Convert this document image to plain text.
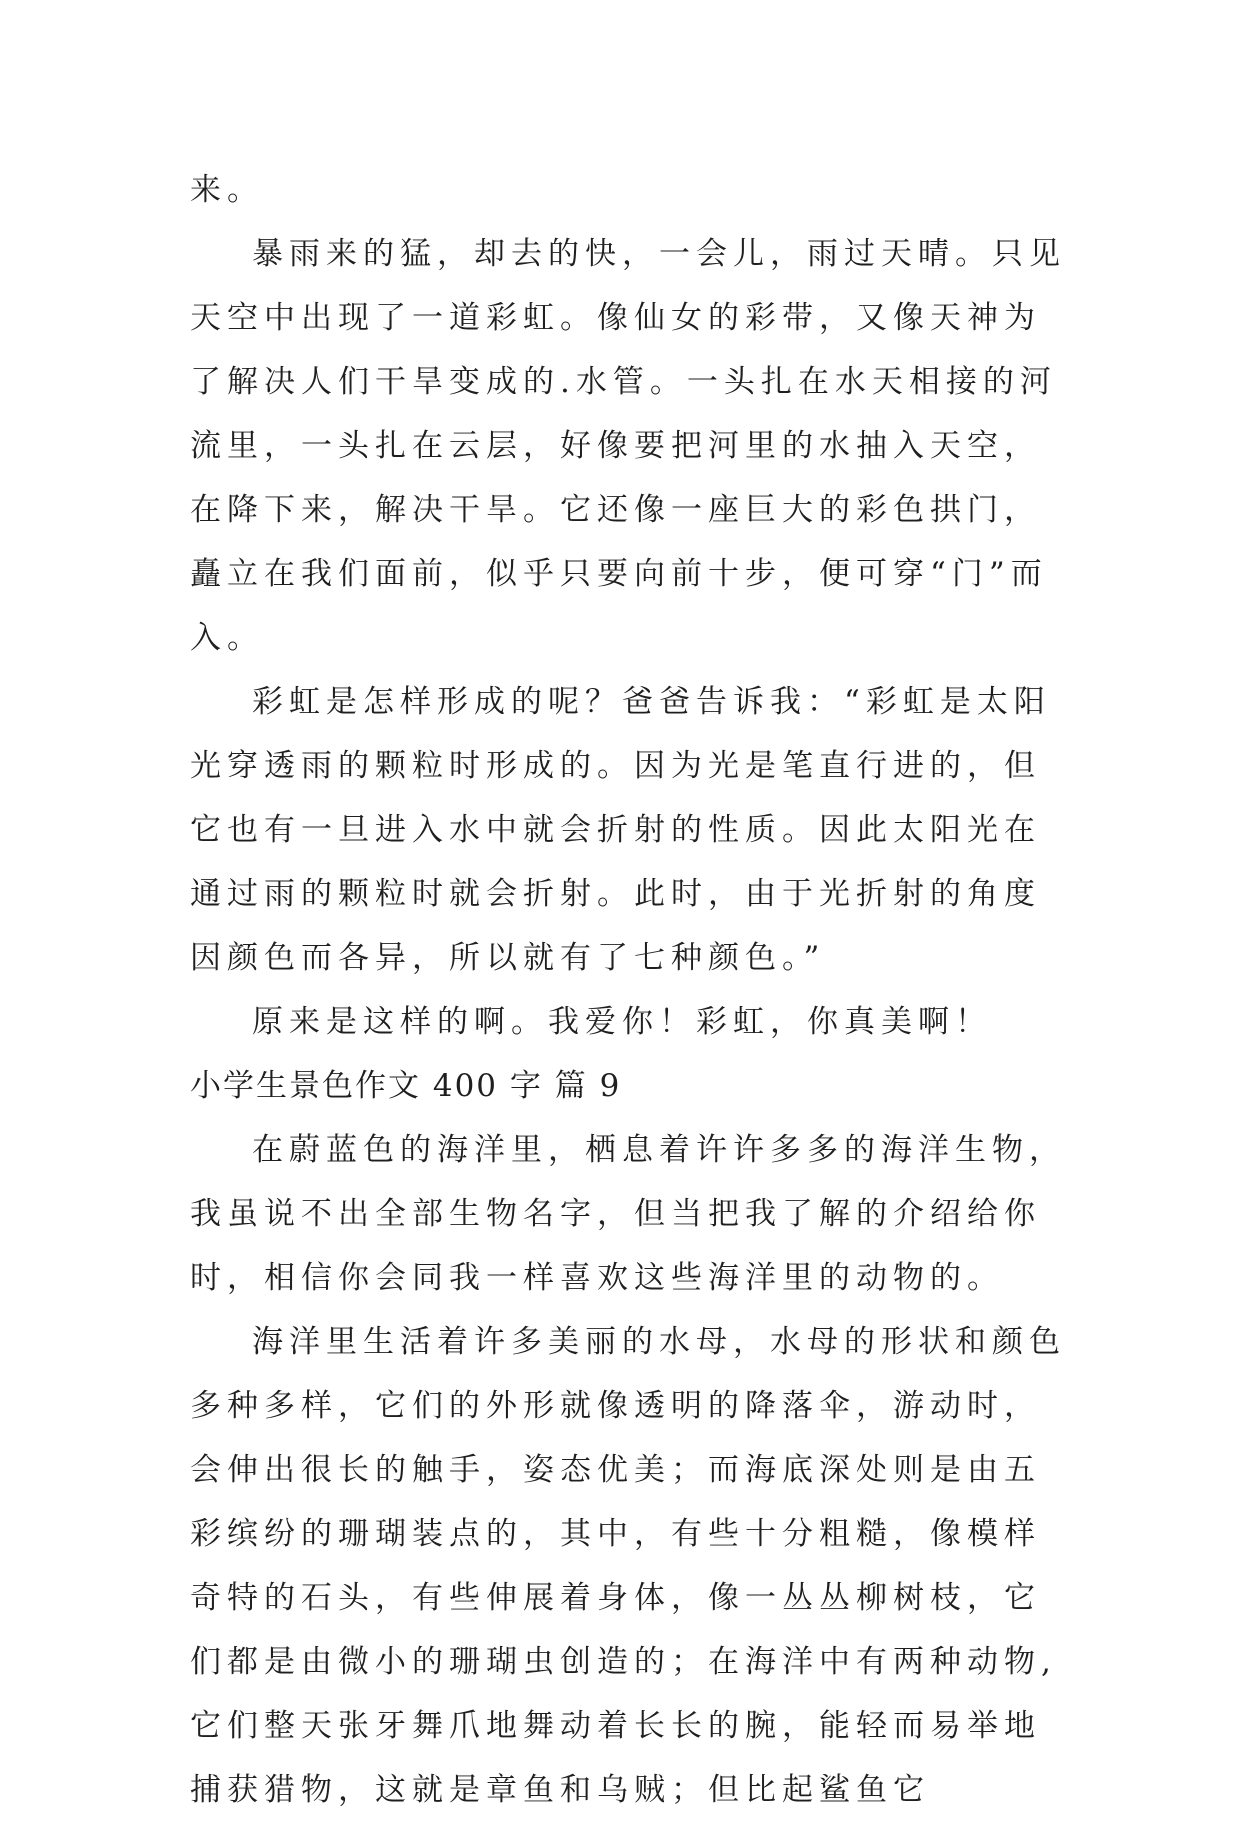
来。

暴雨来的猛，却去的快，一会儿，雨过天晴。只见天空中出现了一道彩虹。像仙女的彩带，又像天神为了解决人们干旱变成的.水管。一头扎在水天相接的河流里，一头扎在云层，好像要把河里的水抽入天空，在降下来，解决干旱。它还像一座巨大的彩色拱门，矗立在我们面前，似乎只要向前十步，便可穿“门”而入。

彩虹是怎样形成的呢？爸爸告诉我：“彩虹是太阳光穿透雨的颗粒时形成的。因为光是笔直行进的，但它也有一旦进入水中就会折射的性质。因此太阳光在通过雨的颗粒时就会折射。此时，由于光折射的角度因颜色而各异，所以就有了七种颜色。”

原来是这样的啊。我爱你！彩虹，你真美啊！

小学生景色作文 400 字 篇 9

在蔚蓝色的海洋里，栖息着许许多多的海洋生物，我虽说不出全部生物名字，但当把我了解的介绍给你时，相信你会同我一样喜欢这些海洋里的动物的。

海洋里生活着许多美丽的水母，水母的形状和颜色多种多样，它们的外形就像透明的降落伞，游动时，会伸出很长的触手，姿态优美；而海底深处则是由五彩缤纷的珊瑚装点的，其中，有些十分粗糙，像模样奇特的石头，有些伸展着身体，像一丛丛柳树枝，它们都是由微小的珊瑚虫创造的；在海洋中有两种动物,它们整天张牙舞爪地舞动着长长的腕，能轻而易举地捕获猎物，这就是章鱼和乌贼；但比起鲨鱼它
